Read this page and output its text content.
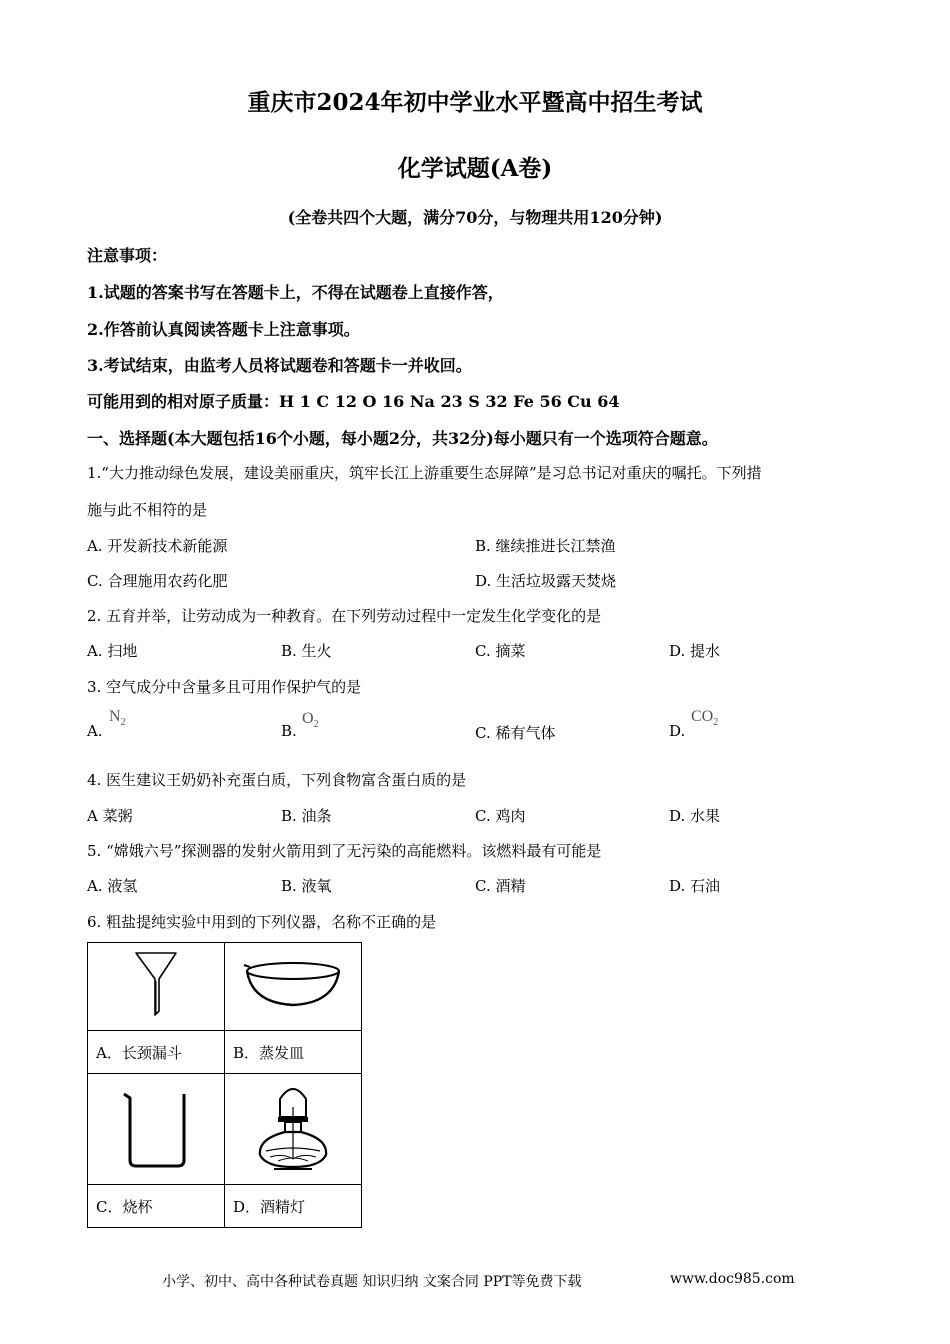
重庆市2024年初中学业水平暨高中招生考试
化学试题(A卷)
(全卷共四个大题，满分70分，与物理共用120分钟)
注意事项：
1.试题的答案书写在答题卡上，不得在试题卷上直接作答，
2.作答前认真阅读答题卡上注意事项。
3.考试结束，由监考人员将试题卷和答题卡一并收回。
可能用到的相对原子质量：H 1 C 12 O 16 Na 23 S 32 Fe 56 Cu 64
一、选择题(本大题包括16个小题，每小题2分，共32分)每小题只有一个选项符合题意。
1.“大力推动绿色发展，建设美丽重庆，筑牢长江上游重要生态屏障”是习总书记对重庆的嘱托。下列措
施与此不相符的是
A. 开发新技术新能源	B. 继续推进长江禁渔
C. 合理施用农药化肥	D. 生活垃圾露天焚烧
2. 五育并举，让劳动成为一种教育。在下列劳动过程中一定发生化学变化的是
A. 扫地	B. 生火	C. 摘菜	D. 提水
3. 空气成分中含量多且可用作保护气的是
A.
$N_2$	B.
$O_2$	C. 稀有气体	D.
$CO_2$
4. 医生建议王奶奶补充蛋白质，下列食物富含蛋白质的是
A 菜粥	B. 油条	C. 鸡肉	D. 水果
5. “嫦娥六号”探测器的发射火箭用到了无污染的高能燃料。该燃料最有可能是
A. 液氢	B. 液氧	C. 酒精	D. 石油
6. 粗盐提纯实验中用到的下列仪器，名称不正确的是

A．长颈漏斗	B．蒸发皿

C．烧杯	D．酒精灯
小学、初中、高中各种试卷真题 知识归纳 文案合同 PPT等免费下载	www.doc985.com
